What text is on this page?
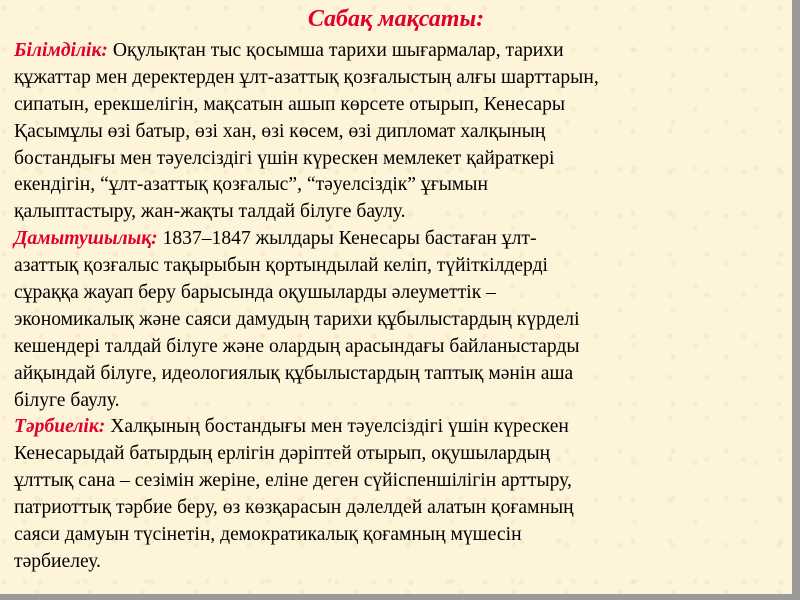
Сабақ мақсаты:
Білімділік: Оқулықтан тыс қосымша тарихи шығармалар, тарихи
құжаттар мен деректерден ұлт-азаттық қозғалыстың алғы шарттарын,
сипатын, ерекшелігін, мақсатын ашып көрсете отырып, Кенесары
Қасымұлы өзі батыр, өзі хан, өзі көсем, өзі дипломат халқының
бостандығы мен тәуелсіздігі үшін күрескен мемлекет қайраткері
екендігін, “ұлт-азаттық қозғалыс”, “тәуелсіздік” ұғымын
қалыптастыру, жан-жақты талдай білуге баулу.
Дамытушылық: 1837–1847 жылдары Кенесары бастаған ұлт-
азаттық қозғалыс тақырыбын қортындылай келіп, түйіткілдерді
сұраққа жауап беру барысында оқушыларды әлеуметтік –
экономикалық және саяси дамудың тарихи құбылыстардың күрделі
кешендері талдай білуге және олардың арасындағы байланыстарды
айқындай білуге, идеологиялық құбылыстардың таптық мәнін аша
білуге баулу.
Тәрбиелік: Халқының бостандығы мен тәуелсіздігі үшін күрескен
Кенесарыдай батырдың ерлігін дәріптей отырып, оқушылардың
ұлттық сана – сезімін жеріне, еліне деген сүйіспеншілігін арттыру,
патриоттық тәрбие беру, өз көзқарасын дәлелдей алатын қоғамның
саяси дамуын түсінетін, демократикалық қоғамның мүшесін
тәрбиелеу.
